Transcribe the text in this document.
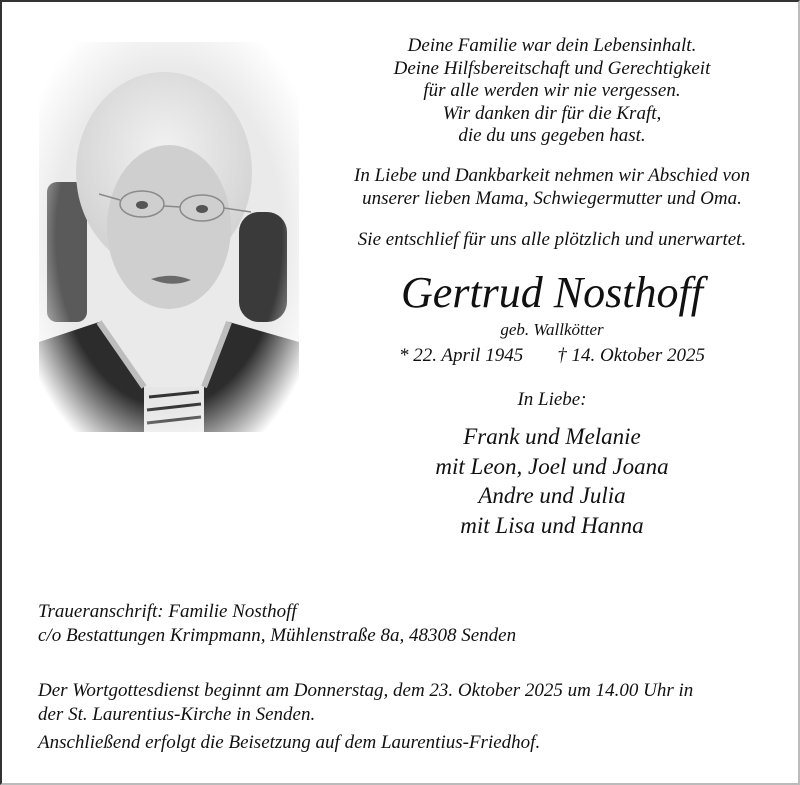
Deine Familie war dein Lebensinhalt.
Deine Hilfsbereitschaft und Gerechtigkeit
für alle werden wir nie vergessen.
Wir danken dir für die Kraft,
die du uns gegeben hast.
In Liebe und Dankbarkeit nehmen wir Abschied von
unserer lieben Mama, Schwiegermutter und Oma.
Sie entschlief für uns alle plötzlich und unerwartet.
Gertrud Nosthoff
geb. Wallkötter
* 22. April 1945 † 14. Oktober 2025
In Liebe:
Frank und Melanie
mit Leon, Joel und Joana
Andre und Julia
mit Lisa und Hanna
Traueranschrift: Familie Nosthoff
c/o Bestattungen Krimpmann, Mühlenstraße 8a, 48308 Senden
Der Wortgottesdienst beginnt am Donnerstag, dem 23. Oktober 2025 um 14.00 Uhr in
der St. Laurentius-Kirche in Senden.
Anschließend erfolgt die Beisetzung auf dem Laurentius-Friedhof.
